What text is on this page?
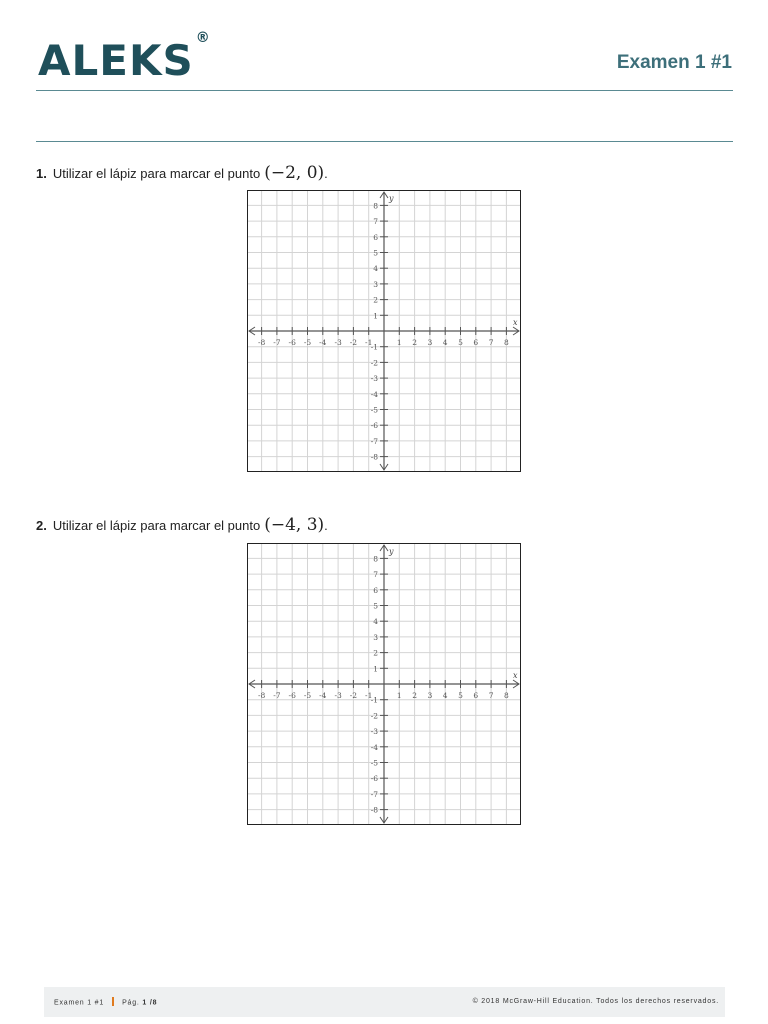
ALEKS ®
Examen 1 #1
1. Utilizar el lápiz para marcar el punto (−2, 0).
-8 -7 -6 -5 -4 -3 -2 -1	1 2 3 4 5 6 7 8
8
7
6
5
4
3
2
1
-1
-2
-3
-4
-5
-6
-7
-8
x
y
2. Utilizar el lápiz para marcar el punto (−4, 3).
-8 -7 -6 -5 -4 -3 -2 -1	1 2 3 4 5 6 7 8
8
7
6
5
4
3
2
1
-1
-2
-3
-4
-5
-6
-7
-8
x
y
Examen 1 #1	Pág. 1 /8	© 2018 McGraw-Hill Education. Todos los derechos reservados.
